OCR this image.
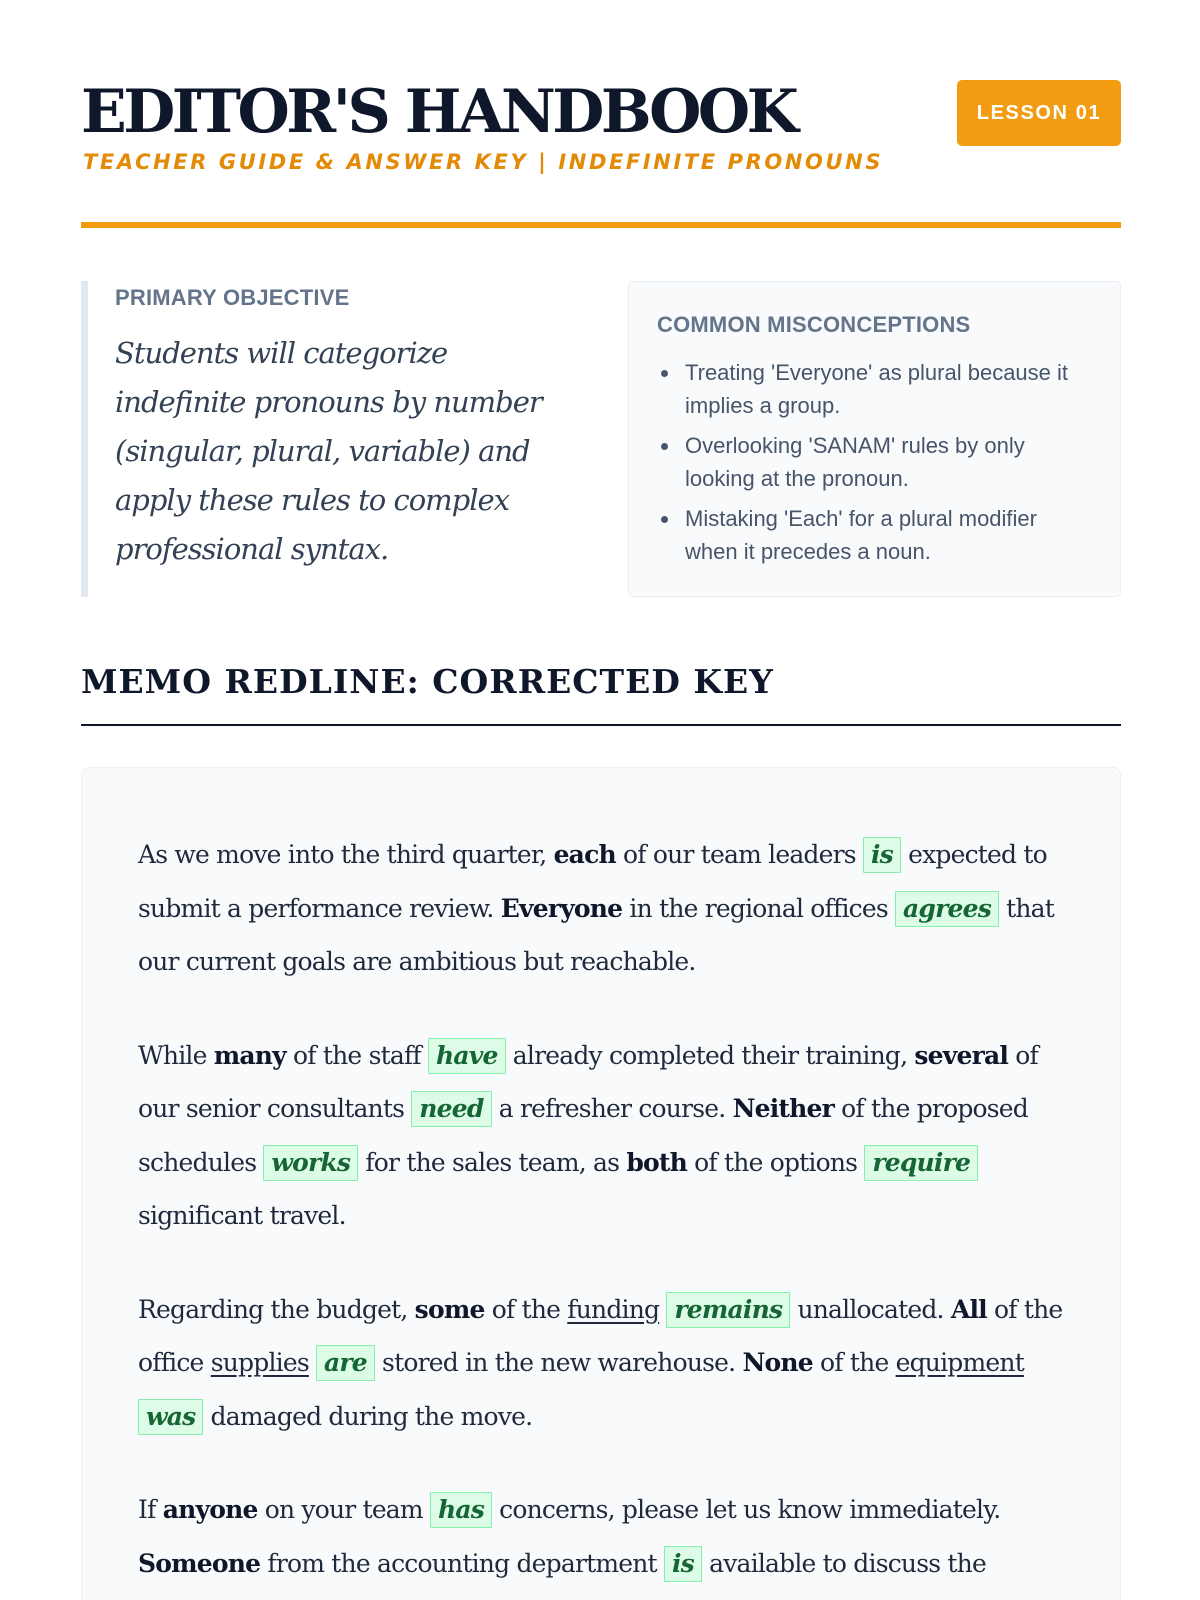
EDITOR'S HANDBOOK
TEACHER GUIDE & ANSWER KEY | INDEFINITE PRONOUNS
LESSON 01
PRIMARY OBJECTIVE
Students will categorize indefinite pronouns by number (singular, plural, variable) and apply these rules to complex professional syntax.
COMMON MISCONCEPTIONS
Treating 'Everyone' as plural because it implies a group.
Overlooking 'SANAM' rules by only looking at the pronoun.
Mistaking 'Each' for a plural modifier when it precedes a noun.
MEMO REDLINE: CORRECTED KEY

As we move into the third quarter, each of our team leaders is expected to submit a performance review. Everyone in the regional offices agrees that our current goals are ambitious but reachable.

While many of the staff have already completed their training, several of our senior consultants need a refresher course. Neither of the proposed schedules works for the sales team, as both of the options require significant travel.

Regarding the budget, some of the funding remains unallocated. All of the office supplies are stored in the new warehouse. None of the equipment was damaged during the move.

If anyone on your team has concerns, please let us know immediately. Someone from the accounting department is available to discuss the
